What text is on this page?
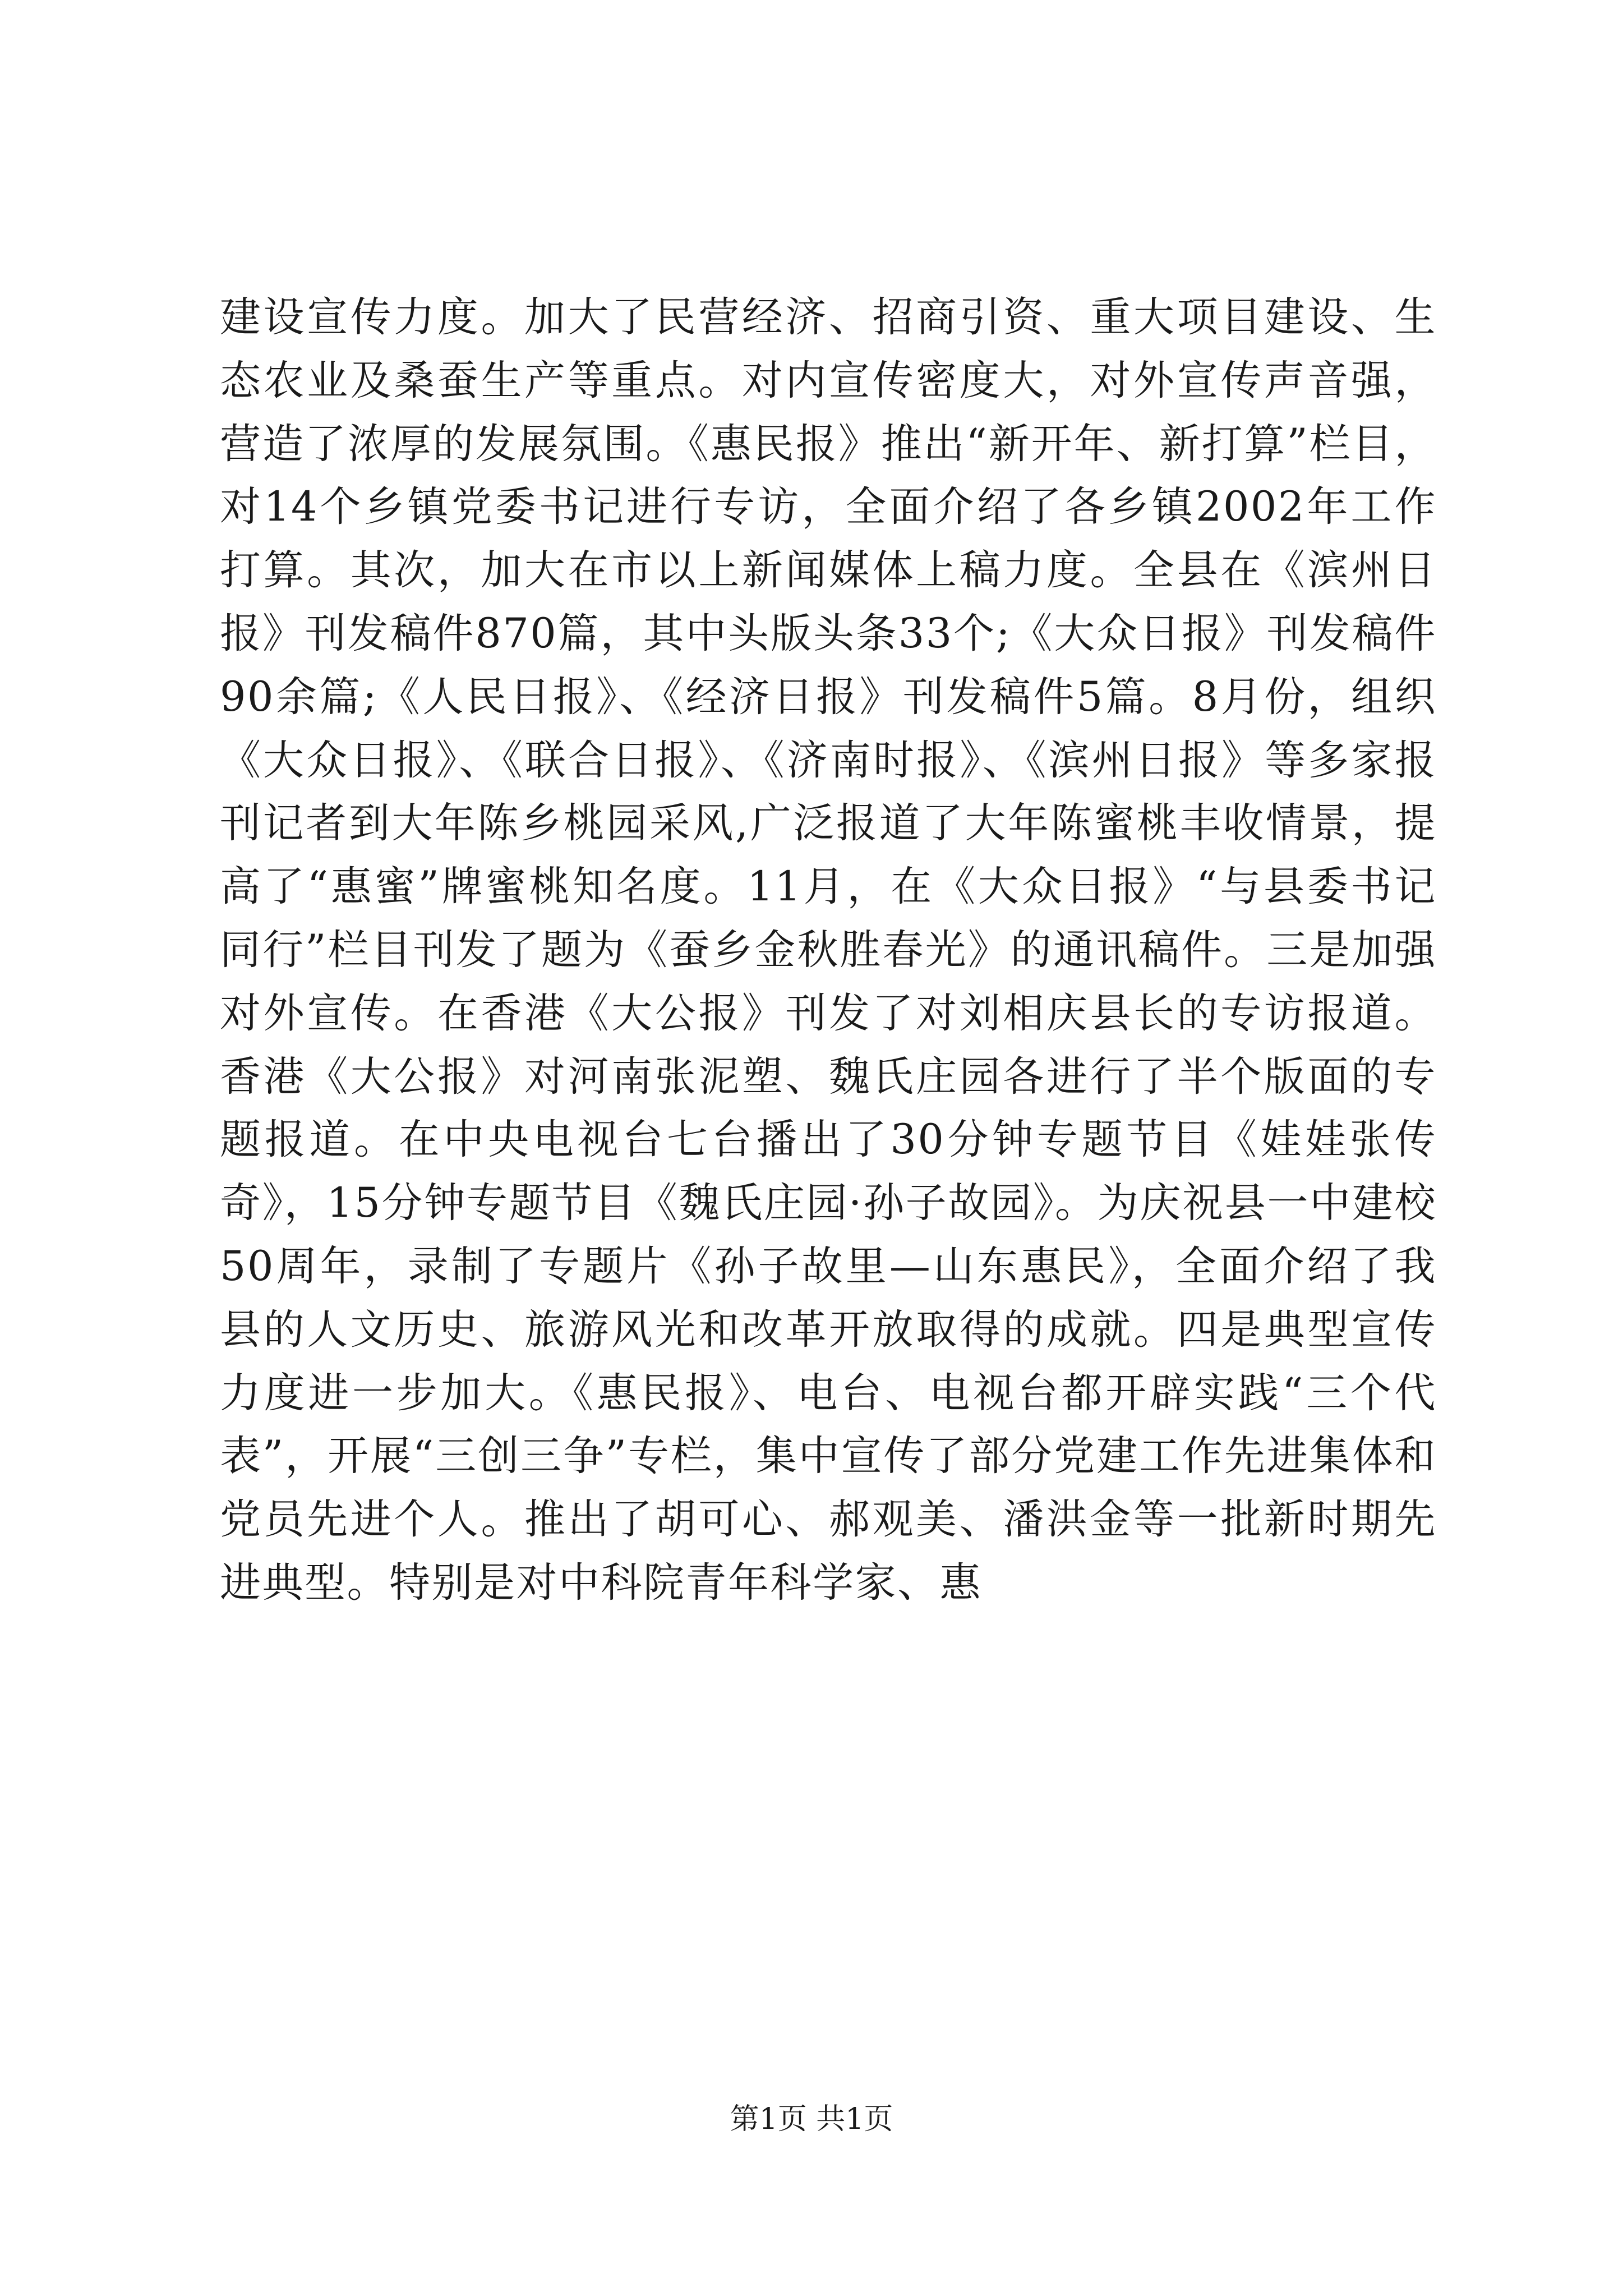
建设宣传力度。加大了民营经济、招商引资、重大项目建设、生态农业及桑蚕生产等重点。对内宣传密度大，对外宣传声音强，营造了浓厚的发展氛围。《惠民报》推出“新开年、新打算”栏目，对14个乡镇党委书记进行专访，全面介绍了各乡镇2002年工作打算。其次，加大在市以上新闻媒体上稿力度。全县在《滨州日报》刊发稿件870篇，其中头版头条33个;《大众日报》刊发稿件90余篇;《人民日报》、《经济日报》刊发稿件5篇。8月份，组织《大众日报》、《联合日报》、《济南时报》、《滨州日报》等多家报刊记者到大年陈乡桃园采风,广泛报道了大年陈蜜桃丰收情景，提高了“惠蜜”牌蜜桃知名度。11月，在《大众日报》“与县委书记同行”栏目刊发了题为《蚕乡金秋胜春光》的通讯稿件。三是加强对外宣传。在香港《大公报》刊发了对刘相庆县长的专访报道。香港《大公报》对河南张泥塑、魏氏庄园各进行了半个版面的专题报道。在中央电视台七台播出了30分钟专题节目《娃娃张传奇》，15分钟专题节目《魏氏庄园·孙子故园》。为庆祝县一中建校50周年，录制了专题片《孙子故里—山东惠民》，全面介绍了我县的人文历史、旅游风光和改革开放取得的成就。四是典型宣传力度进一步加大。《惠民报》、电台、电视台都开辟实践“三个代表”，开展“三创三争”专栏，集中宣传了部分党建工作先进集体和党员先进个人。推出了胡可心、郝观美、潘洪金等一批新时期先进典型。特别是对中科院青年科学家、惠

第1页 共1页
